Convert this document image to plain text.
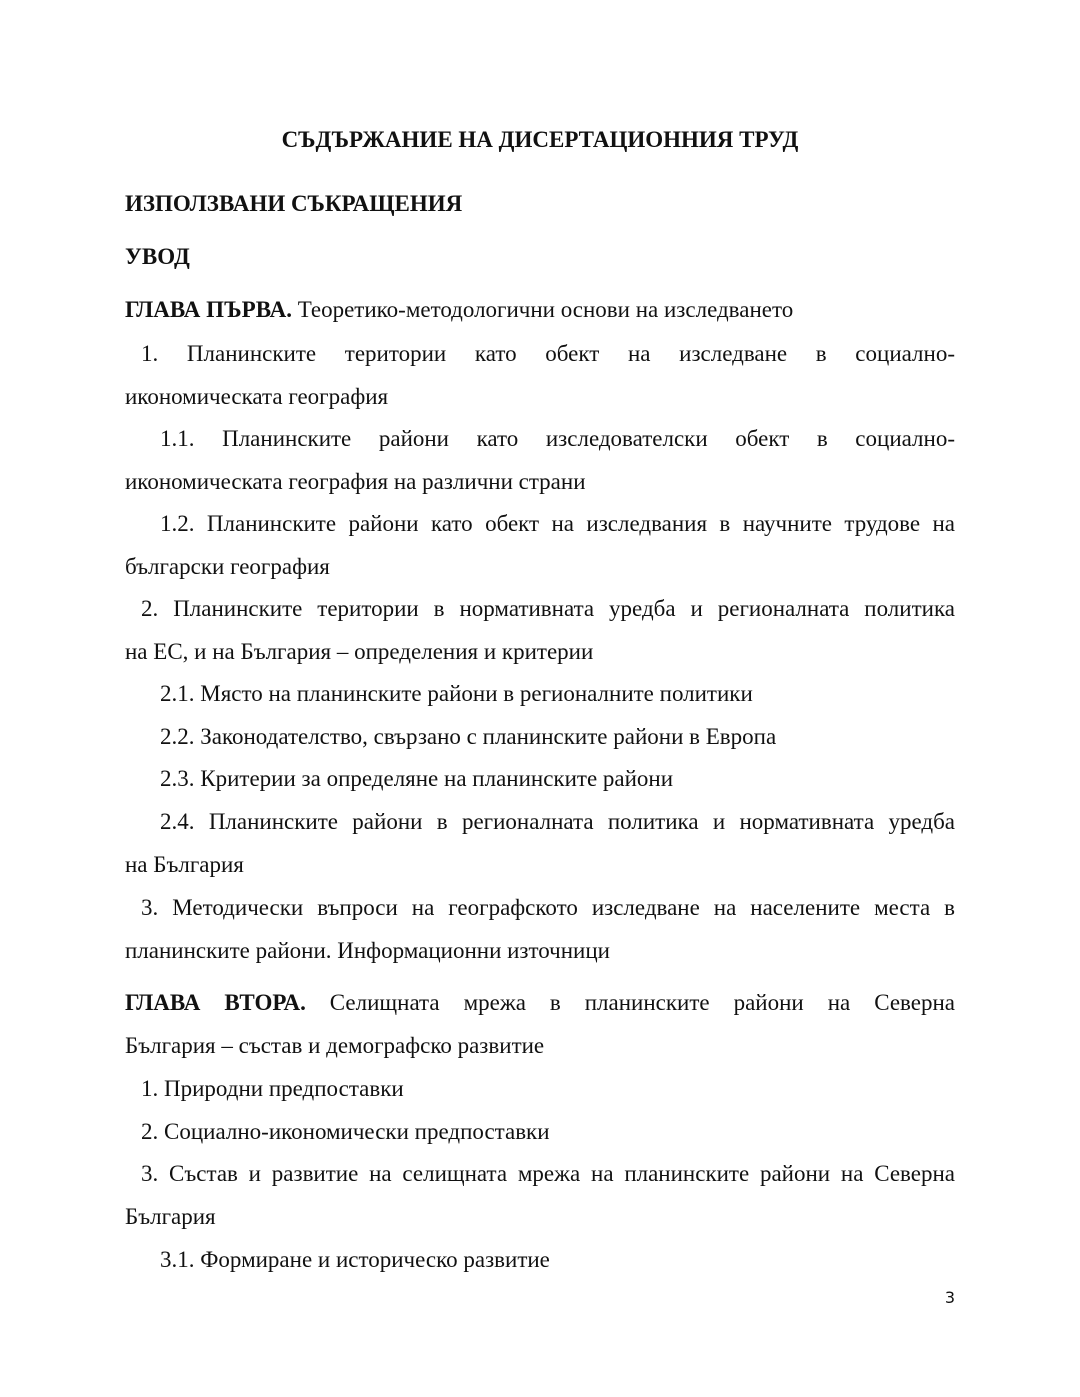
СЪДЪРЖАНИЕ НА ДИСЕРТАЦИОННИЯ ТРУД
ИЗПОЛЗВАНИ СЪКРАЩЕНИЯ
УВОД
ГЛАВА ПЪРВА. Теоретико-методологични основи на изследването
1. Планинските територии като обект на изследване в социално-
икономическата география
1.1. Планинските райони като изследователски обект в социално-
икономическата география на различни страни
1.2. Планинските райони като обект на изследвания в научните трудове на
български география
2. Планинските територии в нормативната уредба и регионалната политика
на ЕС, и на България – определения и критерии
2.1. Място на планинските райони в регионалните политики
2.2. Законодателство, свързано с планинските райони в Европа
2.3. Критерии за определяне на планинските райони
2.4. Планинските райони в регионалната политика и нормативната уредба
на България
3. Методически въпроси на географското изследване на населените места в
планинските райони. Информационни източници
ГЛАВА ВТОРА. Селищната мрежа в планинските райони на Северна
България – състав и демографско развитие
1. Природни предпоставки
2. Социално-икономически предпоставки
3. Състав и развитие на селищната мрежа на планинските райони на Северна
България
3.1. Формиране и историческо развитие
3
